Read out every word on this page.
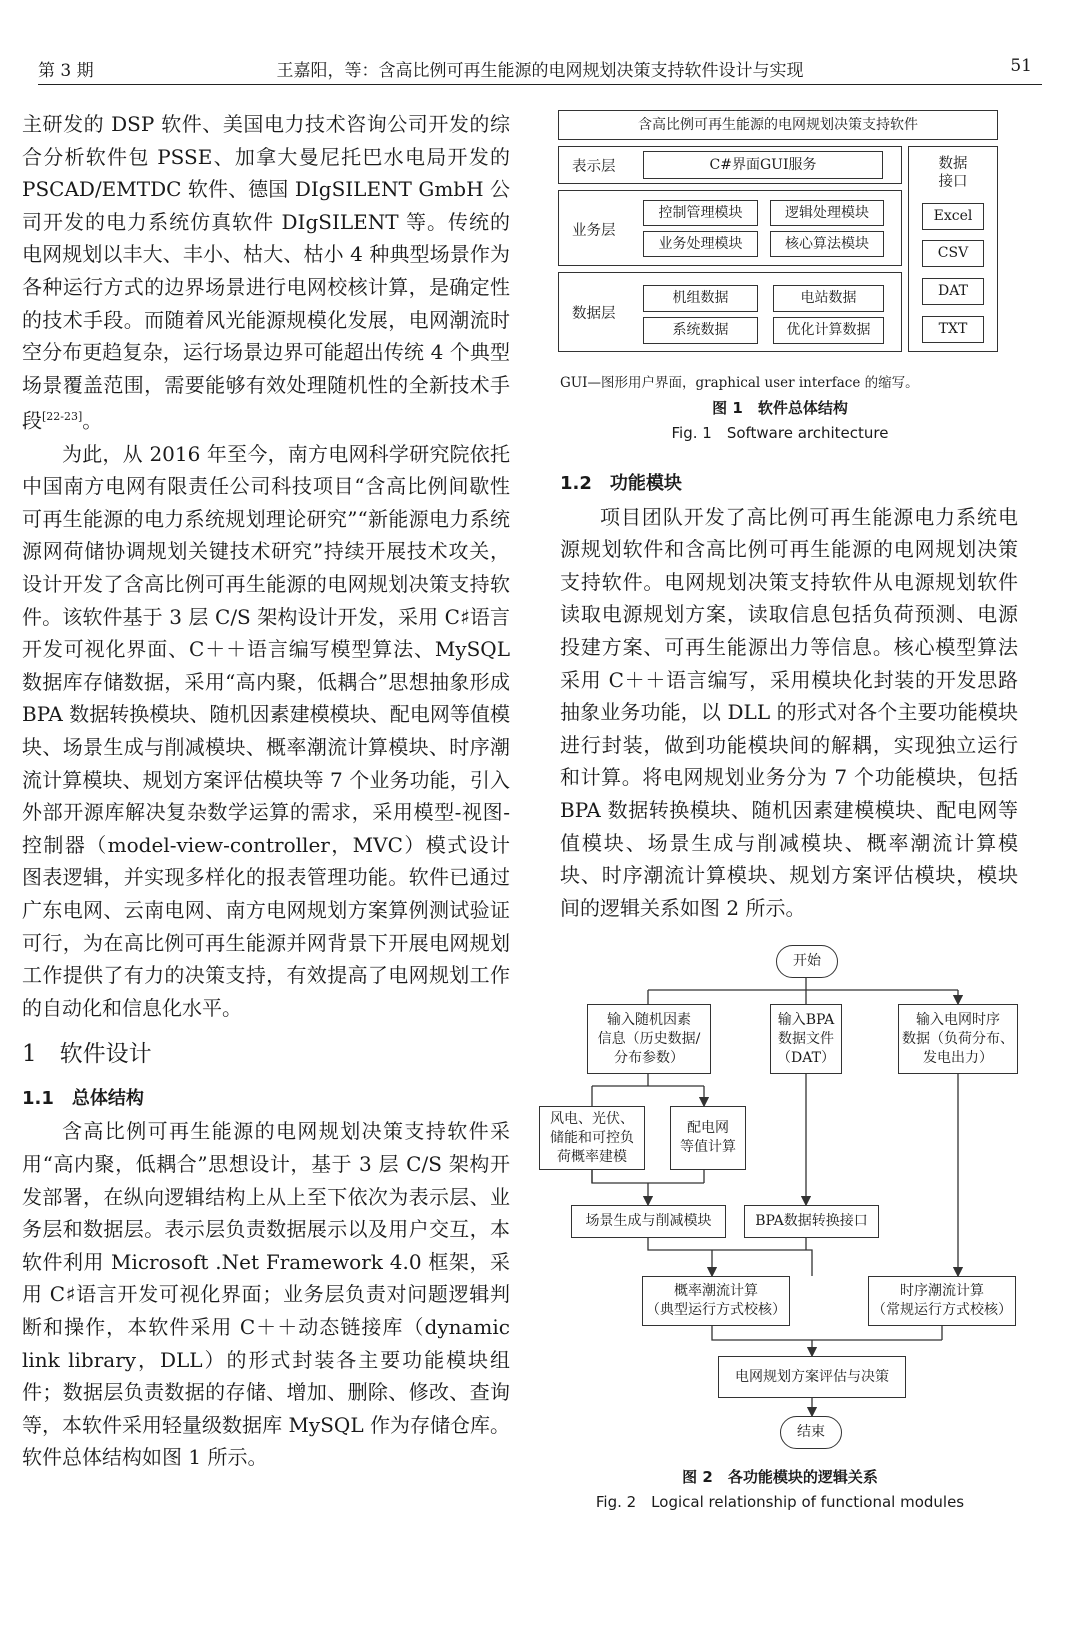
第 3 期	王嘉阳，等：含高比例可再生能源的电网规划决策支持软件设计与实现	51

主研发的 DSP 软件、美国电力技术咨询公司开发的综合分析软件包 PSSE、加拿大曼尼托巴水电局开发的 PSCAD/EMTDC 软件、德国 DIgSILENT GmbH 公司开发的电力系统仿真软件 DIgSILENT 等。传统的电网规划以丰大、丰小、枯大、枯小 4 种典型场景作为各种运行方式的边界场景进行电网校核计算，是确定性的技术手段。而随着风光能源规模化发展，电网潮流时空分布更趋复杂，运行场景边界可能超出传统 4 个典型场景覆盖范围，需要能够有效处理随机性的全新技术手段[22-23]。

为此，从 2016 年至今，南方电网科学研究院依托中国南方电网有限责任公司科技项目“含高比例间歇性可再生能源的电力系统规划理论研究”“新能源电力系统源网荷储协调规划关键技术研究”持续开展技术攻关，设计开发了含高比例可再生能源的电网规划决策支持软件。该软件基于 3 层 C/S 架构设计开发，采用 C♯语言开发可视化界面、C＋＋语言编写模型算法、MySQL 数据库存储数据，采用“高内聚，低耦合”思想抽象形成 BPA 数据转换模块、随机因素建模模块、配电网等值模块、场景生成与削减模块、概率潮流计算模块、时序潮流计算模块、规划方案评估模块等 7 个业务功能，引入外部开源库解决复杂数学运算的需求，采用模型-视图-控制器（model-view-controller，MVC）模式设计图表逻辑，并实现多样化的报表管理功能。软件已通过广东电网、云南电网、南方电网规划方案算例测试验证可行，为在高比例可再生能源并网背景下开展电网规划工作提供了有力的决策支持，有效提高了电网规划工作的自动化和信息化水平。

1　软件设计

1.1　总体结构

含高比例可再生能源的电网规划决策支持软件采用“高内聚，低耦合”思想设计，基于 3 层 C/S 架构开发部署，在纵向逻辑结构上从上至下依次为表示层、业务层和数据层。表示层负责数据展示以及用户交互，本软件利用 Microsoft .Net Framework 4.0 框架，采用 C♯语言开发可视化界面；业务层负责对问题逻辑判断和操作，本软件采用 C＋＋动态链接库（dynamic link library，DLL）的形式封装各主要功能模块组件；数据层负责数据的存储、增加、删除、修改、查询等，本软件采用轻量级数据库 MySQL 作为存储仓库。软件总体结构如图 1 所示。

含高比例可再生能源的电网规划决策支持软件
表示层	C#界面GUI服务
业务层
控制管理模块	逻辑处理模块
业务处理模块	核心算法模块
数据层
机组数据	电站数据
系统数据	优化计算数据
数据
接口
Excel
CSV
DAT
TXT
GUI—图形用户界面，graphical user interface 的缩写。
图 1　软件总体结构
Fig. 1　Software architecture

1.2　功能模块

项目团队开发了高比例可再生能源电力系统电源规划软件和含高比例可再生能源的电网规划决策支持软件。电网规划决策支持软件从电源规划软件读取电源规划方案，读取信息包括负荷预测、电源投建方案、可再生能源出力等信息。核心模型算法采用 C＋＋语言编写，采用模块化封装的开发思路抽象业务功能，以 DLL 的形式对各个主要功能模块进行封装，做到功能模块间的解耦，实现独立运行和计算。将电网规划业务分为 7 个功能模块，包括 BPA 数据转换模块、随机因素建模模块、配电网等值模块、场景生成与削减模块、概率潮流计算模块、时序潮流计算模块、规划方案评估模块，模块间的逻辑关系如图 2 所示。

开始
输入随机因素
信息（历史数据/
分布参数）
输入BPA
数据文件
（DAT）
输入电网时序
数据（负荷分布、
发电出力）
风电、光伏、
储能和可控负
荷概率建模
配电网
等值计算
场景生成与削减模块	BPA数据转换接口
概率潮流计算
（典型运行方式校核）
时序潮流计算
（常规运行方式校核）
电网规划方案评估与决策
结束
图 2　各功能模块的逻辑关系
Fig. 2　Logical relationship of functional modules
